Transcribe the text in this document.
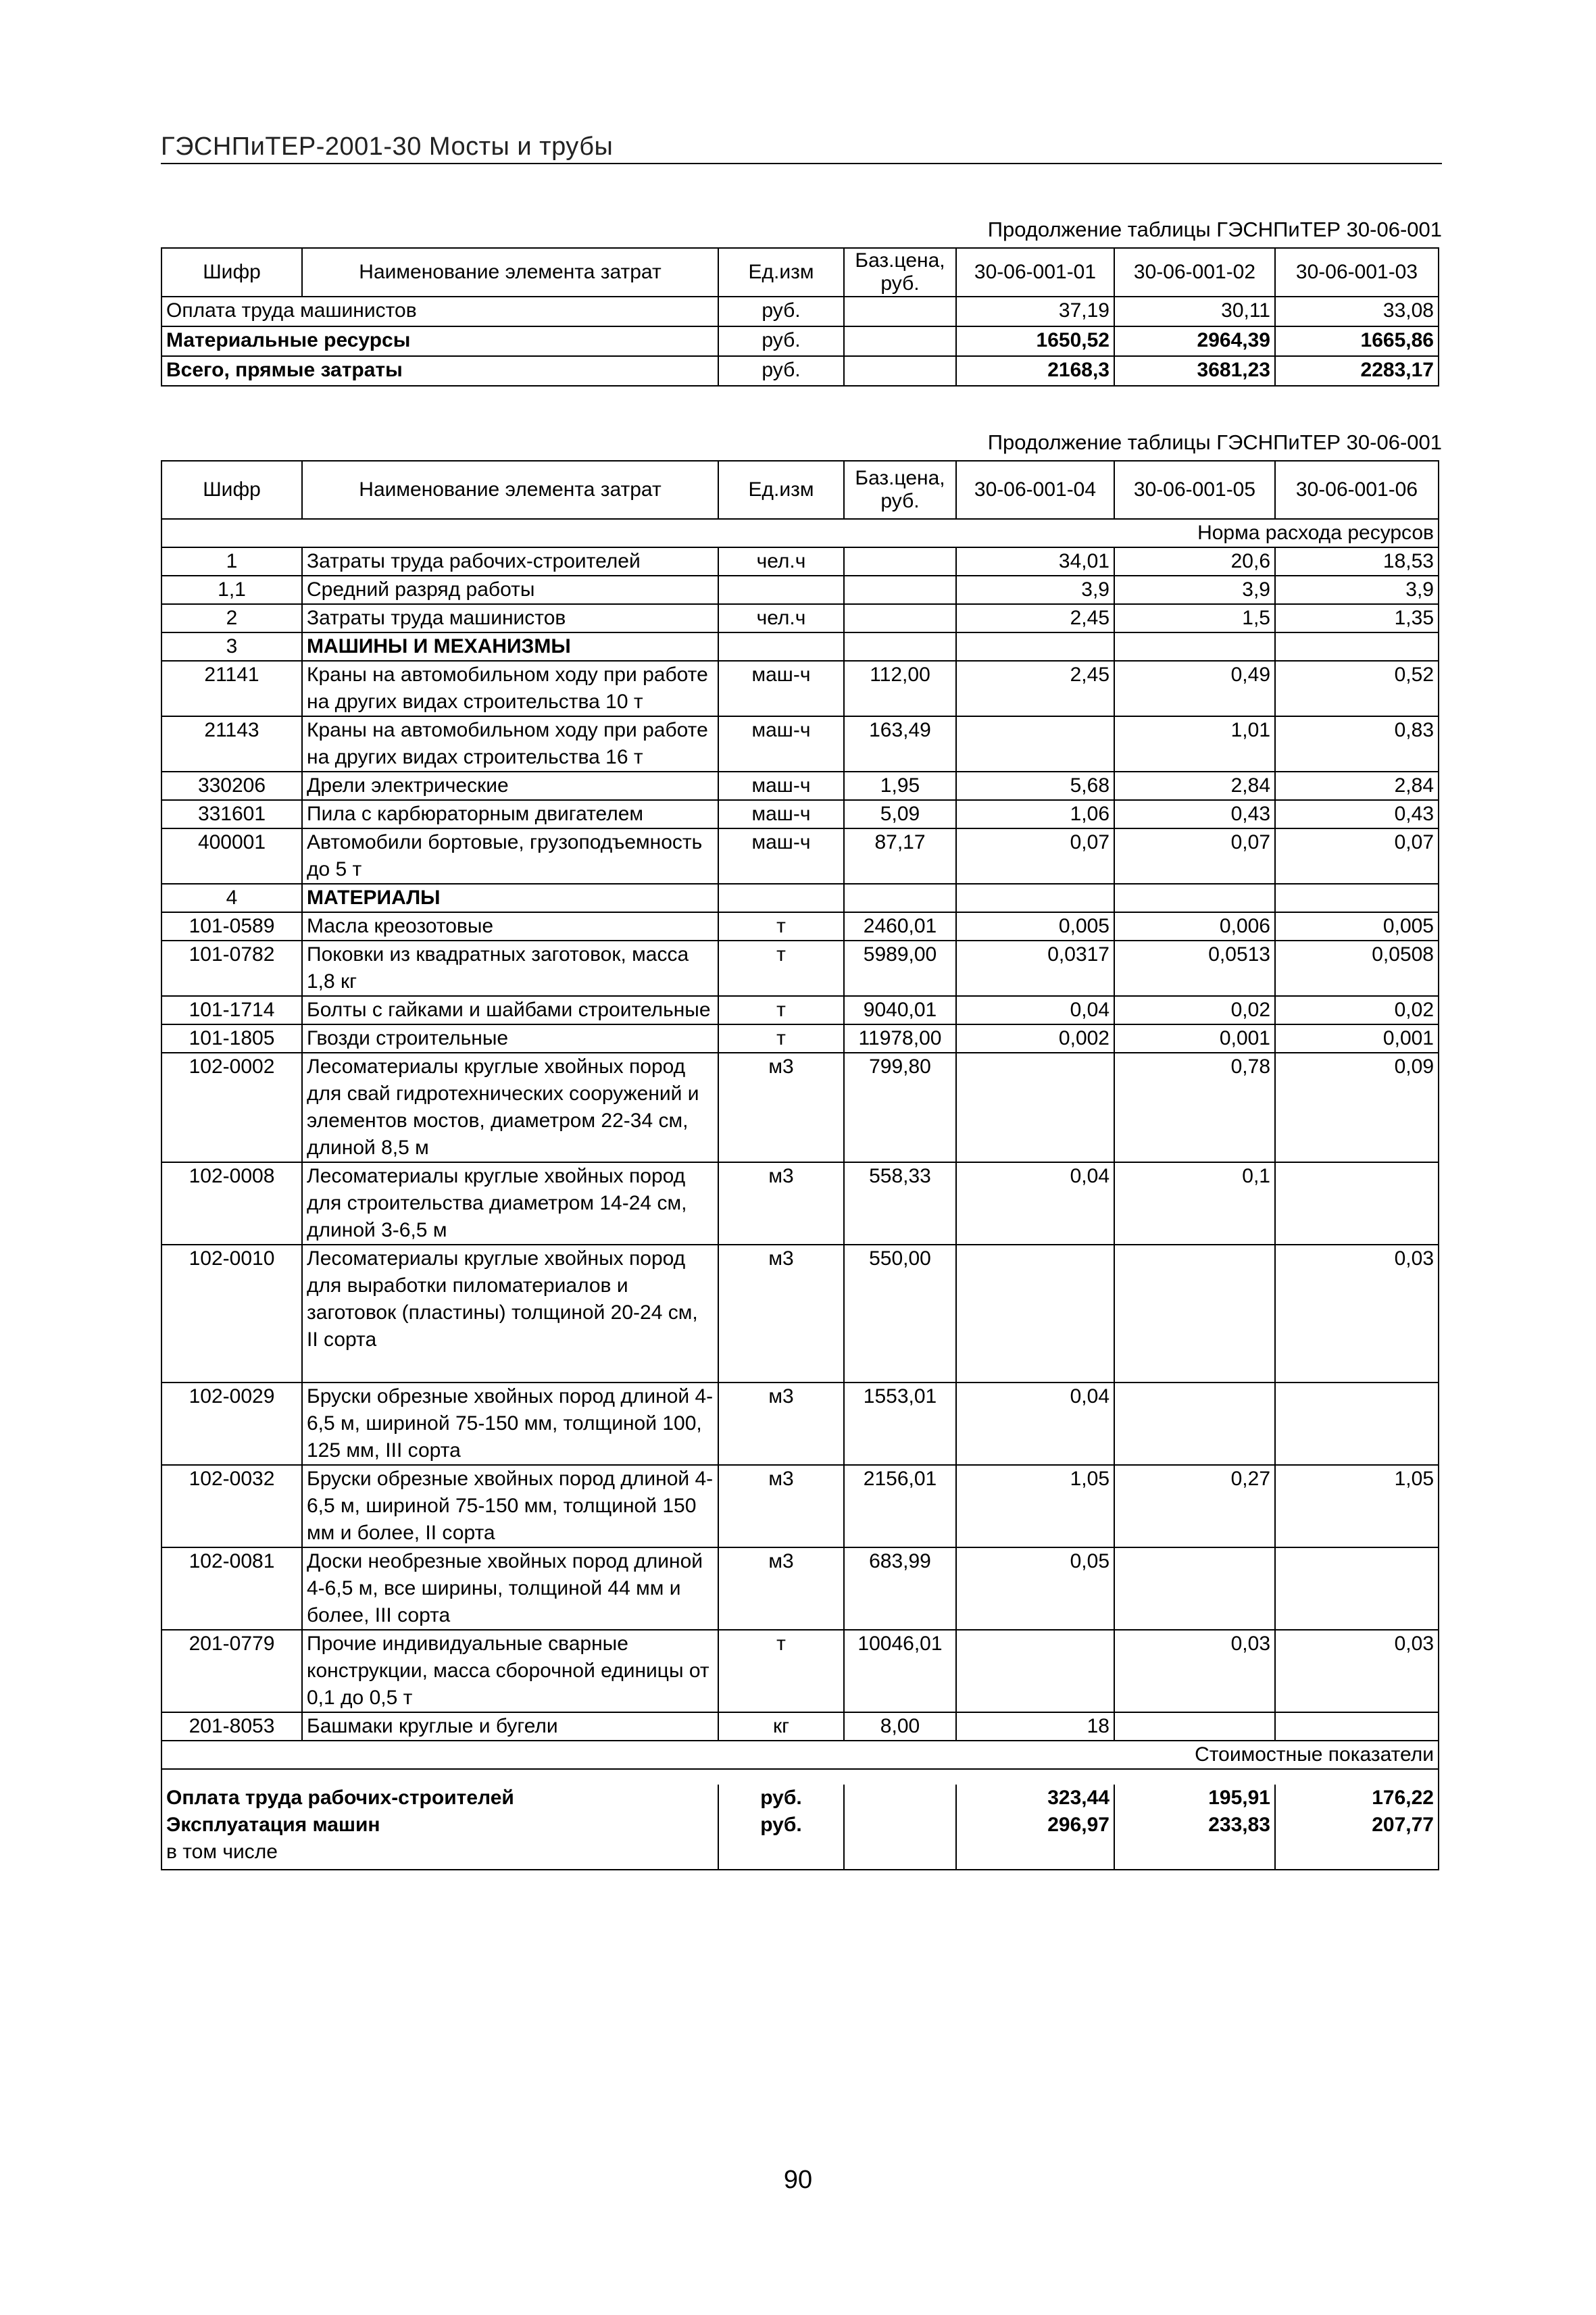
ГЭСНПиТЕР-2001-30 Мосты и трубы
Продолжение таблицы ГЭСНПиТЕР 30-06-001
Шифр	Наименование элемента затрат	Ед.изм	Баз.цена, руб.	30-06-001-01	30-06-001-02	30-06-001-03
Оплата труда машинистов		руб.		37,19	30,11	33,08
Материальные ресурсы		руб.		1650,52	2964,39	1665,86
Всего, прямые затраты		руб.		2168,3	3681,23	2283,17
Продолжение таблицы ГЭСНПиТЕР 30-06-001
Шифр	Наименование элемента затрат	Ед.изм	Баз.цена, руб.	30-06-001-04	30-06-001-05	30-06-001-06
Норма расхода ресурсов						
1	Затраты труда рабочих-строителей	чел.ч		34,01	20,6	18,53
1,1	Средний разряд работы			3,9	3,9	3,9
2	Затраты труда машинистов	чел.ч		2,45	1,5	1,35
3	МАШИНЫ И МЕХАНИЗМЫ					
21141	Краны на автомобильном ходу при работе на других видах строительства 10 т	маш-ч	112,00	2,45	0,49	0,52
21143	Краны на автомобильном ходу при работе на других видах строительства 16 т	маш-ч	163,49		1,01	0,83
330206	Дрели электрические	маш-ч	1,95	5,68	2,84	2,84
331601	Пила с карбюраторным двигателем	маш-ч	5,09	1,06	0,43	0,43
400001	Автомобили бортовые, грузоподъемность до 5 т	маш-ч	87,17	0,07	0,07	0,07
4	МАТЕРИАЛЫ					
101-0589	Масла креозотовые	т	2460,01	0,005	0,006	0,005
101-0782	Поковки из квадратных заготовок, масса 1,8 кг	т	5989,00	0,0317	0,0513	0,0508
101-1714	Болты с гайками и шайбами строительные	т	9040,01	0,04	0,02	0,02
101-1805	Гвозди строительные	т	11978,00	0,002	0,001	0,001
102-0002	Лесоматериалы круглые хвойных пород для свай гидротехнических сооружений и элементов мостов, диаметром 22-34 см, длиной 8,5 м	м3	799,80		0,78	0,09
102-0008	Лесоматериалы круглые хвойных пород для строительства диаметром 14-24 см, длиной 3-6,5 м	м3	558,33	0,04	0,1	
102-0010	Лесоматериалы круглые хвойных пород для выработки пиломатериалов и заготовок (пластины) толщиной 20-24 см, II сорта	м3	550,00			0,03
102-0029	Бруски обрезные хвойных пород длиной 4-6,5 м, шириной 75-150 мм, толщиной 100, 125 мм, III сорта	м3	1553,01	0,04		
102-0032	Бруски обрезные хвойных пород длиной 4-6,5 м, шириной 75-150 мм, толщиной 150 мм и более, II сорта	м3	2156,01	1,05	0,27	1,05
102-0081	Доски необрезные хвойных пород длиной 4-6,5 м, все ширины, толщиной 44 мм и более, III сорта	м3	683,99	0,05		
201-0779	Прочие индивидуальные сварные конструкции, масса сборочной единицы от 0,1 до 0,5 т	т	10046,01		0,03	0,03
201-8053	Башмаки круглые и бугели	кг	8,00	18		
Стоимостные показатели						

Оплата труда рабочих-строителей		руб.		323,44	195,91	176,22
Эксплуатация машин		руб.		296,97	233,83	207,77
в том числе						
90
